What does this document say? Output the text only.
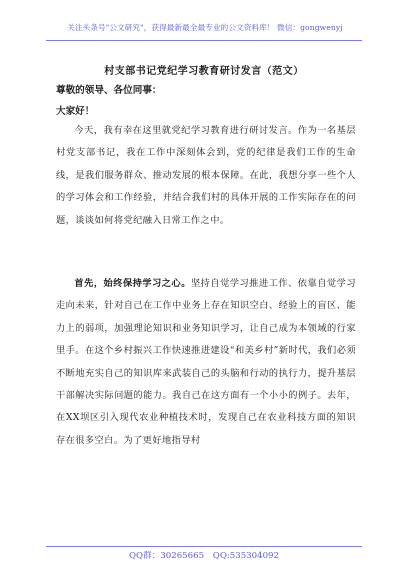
关注头条号"公文研究"，获得最新最全最专业的公文资料库！ 微信：gongwenyj
村支部书记党纪学习教育研讨发言（范文）
尊敬的领导、各位同事：
大家好！

今天，我有幸在这里就党纪学习教育进行研讨发言。作为一名基层村党支部书记，我在工作中深刻体会到，党的纪律是我们工作的生命线，是我们服务群众、推动发展的根本保障。在此，我想分享一些个人的学习体会和工作经验，并结合我们村的具体开展的工作实际存在的问题，谈谈如何将党纪融入日常工作之中。

首先，始终保持学习之心。坚持自觉学习推进工作、依靠自觉学习走向未来，针对自己在工作中业务上存在知识空白、经验上的盲区、能力上的弱项，加强理论知识和业务知识学习，让自己成为本领域的行家里手。在这个乡村振兴工作快速推进建设“和美乡村”新时代，我们必须不断地充实自己的知识库来武装自己的头脑和行动的执行力，提升基层干部解决实际问题的能力。我自己在这方面有一个小小的例子。去年，在XX坝区引入现代农业种植技术时，发现自己在农业科技方面的知识存在很多空白。为了更好地指导村

QQ群：30265665 QQ:535304092
